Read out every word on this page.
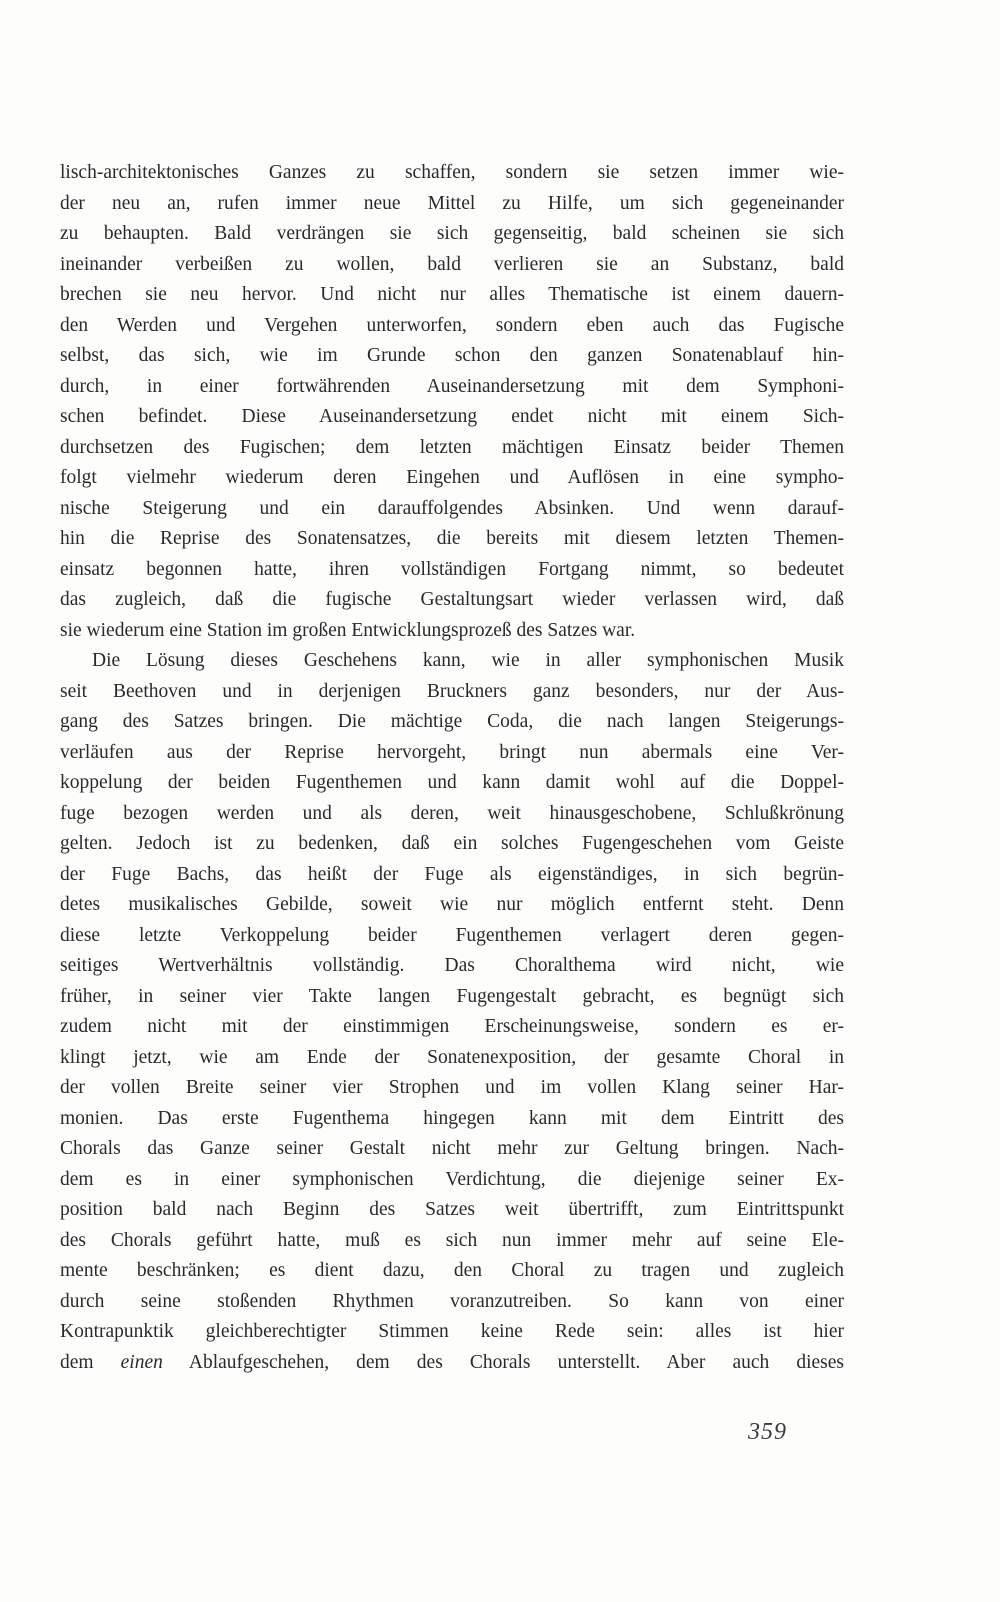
lisch-architektonisches Ganzes zu schaffen, sondern sie setzen immer wie-
der neu an, rufen immer neue Mittel zu Hilfe, um sich gegeneinander
zu behaupten. Bald verdrängen sie sich gegenseitig, bald scheinen sie sich
ineinander verbeißen zu wollen, bald verlieren sie an Substanz, bald
brechen sie neu hervor. Und nicht nur alles Thematische ist einem dauern-
den Werden und Vergehen unterworfen, sondern eben auch das Fugische
selbst, das sich, wie im Grunde schon den ganzen Sonatenablauf hin-
durch, in einer fortwährenden Auseinandersetzung mit dem Symphoni-
schen befindet. Diese Auseinandersetzung endet nicht mit einem Sich-
durchsetzen des Fugischen; dem letzten mächtigen Einsatz beider Themen
folgt vielmehr wiederum deren Eingehen und Auflösen in eine sympho-
nische Steigerung und ein darauffolgendes Absinken. Und wenn darauf-
hin die Reprise des Sonatensatzes, die bereits mit diesem letzten Themen-
einsatz begonnen hatte, ihren vollständigen Fortgang nimmt, so bedeutet
das zugleich, daß die fugische Gestaltungsart wieder verlassen wird, daß
sie wiederum eine Station im großen Entwicklungsprozeß des Satzes war.
Die Lösung dieses Geschehens kann, wie in aller symphonischen Musik
seit Beethoven und in derjenigen Bruckners ganz besonders, nur der Aus-
gang des Satzes bringen. Die mächtige Coda, die nach langen Steigerungs-
verläufen aus der Reprise hervorgeht, bringt nun abermals eine Ver-
koppelung der beiden Fugenthemen und kann damit wohl auf die Doppel-
fuge bezogen werden und als deren, weit hinausgeschobene, Schlußkrönung
gelten. Jedoch ist zu bedenken, daß ein solches Fugengeschehen vom Geiste
der Fuge Bachs, das heißt der Fuge als eigenständiges, in sich begrün-
detes musikalisches Gebilde, soweit wie nur möglich entfernt steht. Denn
diese letzte Verkoppelung beider Fugenthemen verlagert deren gegen-
seitiges Wertverhältnis vollständig. Das Choralthema wird nicht, wie
früher, in seiner vier Takte langen Fugengestalt gebracht, es begnügt sich
zudem nicht mit der einstimmigen Erscheinungsweise, sondern es er-
klingt jetzt, wie am Ende der Sonatenexposition, der gesamte Choral in
der vollen Breite seiner vier Strophen und im vollen Klang seiner Har-
monien. Das erste Fugenthema hingegen kann mit dem Eintritt des
Chorals das Ganze seiner Gestalt nicht mehr zur Geltung bringen. Nach-
dem es in einer symphonischen Verdichtung, die diejenige seiner Ex-
position bald nach Beginn des Satzes weit übertrifft, zum Eintrittspunkt
des Chorals geführt hatte, muß es sich nun immer mehr auf seine Ele-
mente beschränken; es dient dazu, den Choral zu tragen und zugleich
durch seine stoßenden Rhythmen voranzutreiben. So kann von einer
Kontrapunktik gleichberechtigter Stimmen keine Rede sein: alles ist hier
dem einen Ablaufgeschehen, dem des Chorals unterstellt. Aber auch dieses
359
